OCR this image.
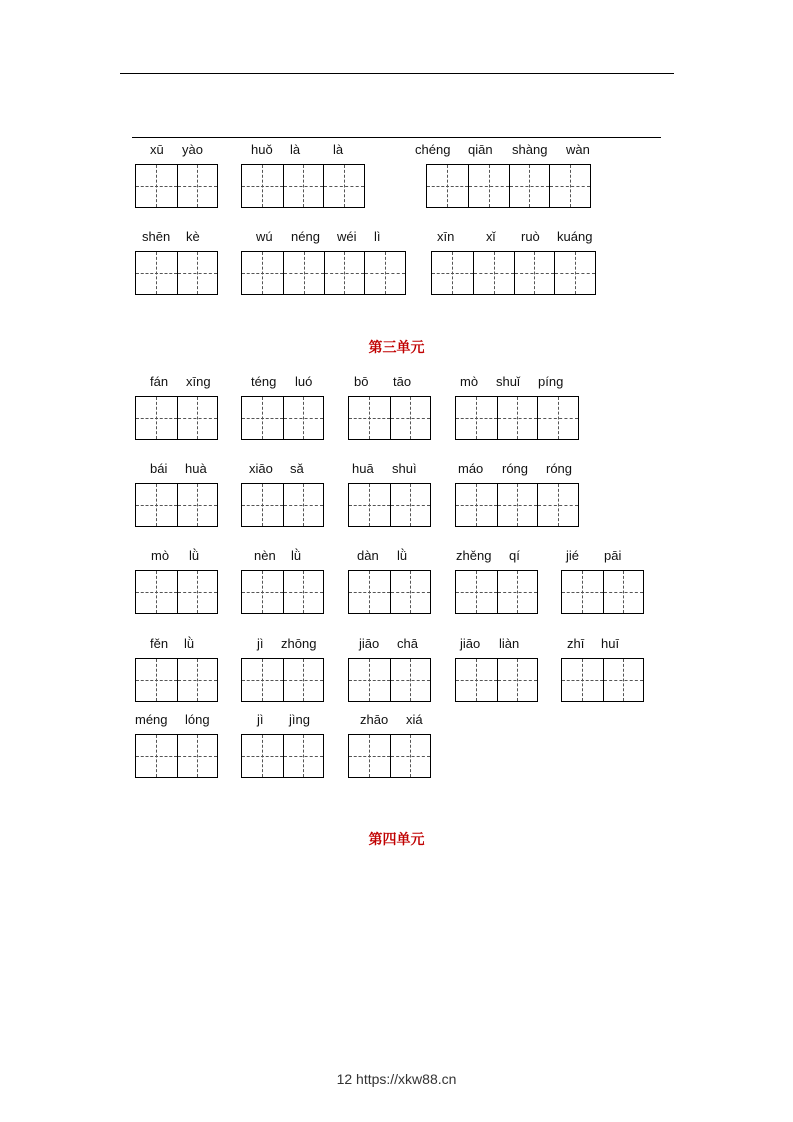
xū yào	huǒ là	là	chéng qiān shàng wàn
shēn kè	wú néng wéi lì	xīn xǐ ruò kuáng
fán xīng	téng luó	bō tāo	mò shuǐ píng
bái huà	xiāo sǎ	huā shuì	máo róng róng
mò lǜ	nèn lǜ	dàn lǜ	zhěng qí	jié pāi
fěn lǜ	jì zhōng	jiāo chā	jiāo liàn	zhī huī
méng lóng	jì jìng	zhāo xiá
第三单元
第四单元
12 https://xkw88.cn
